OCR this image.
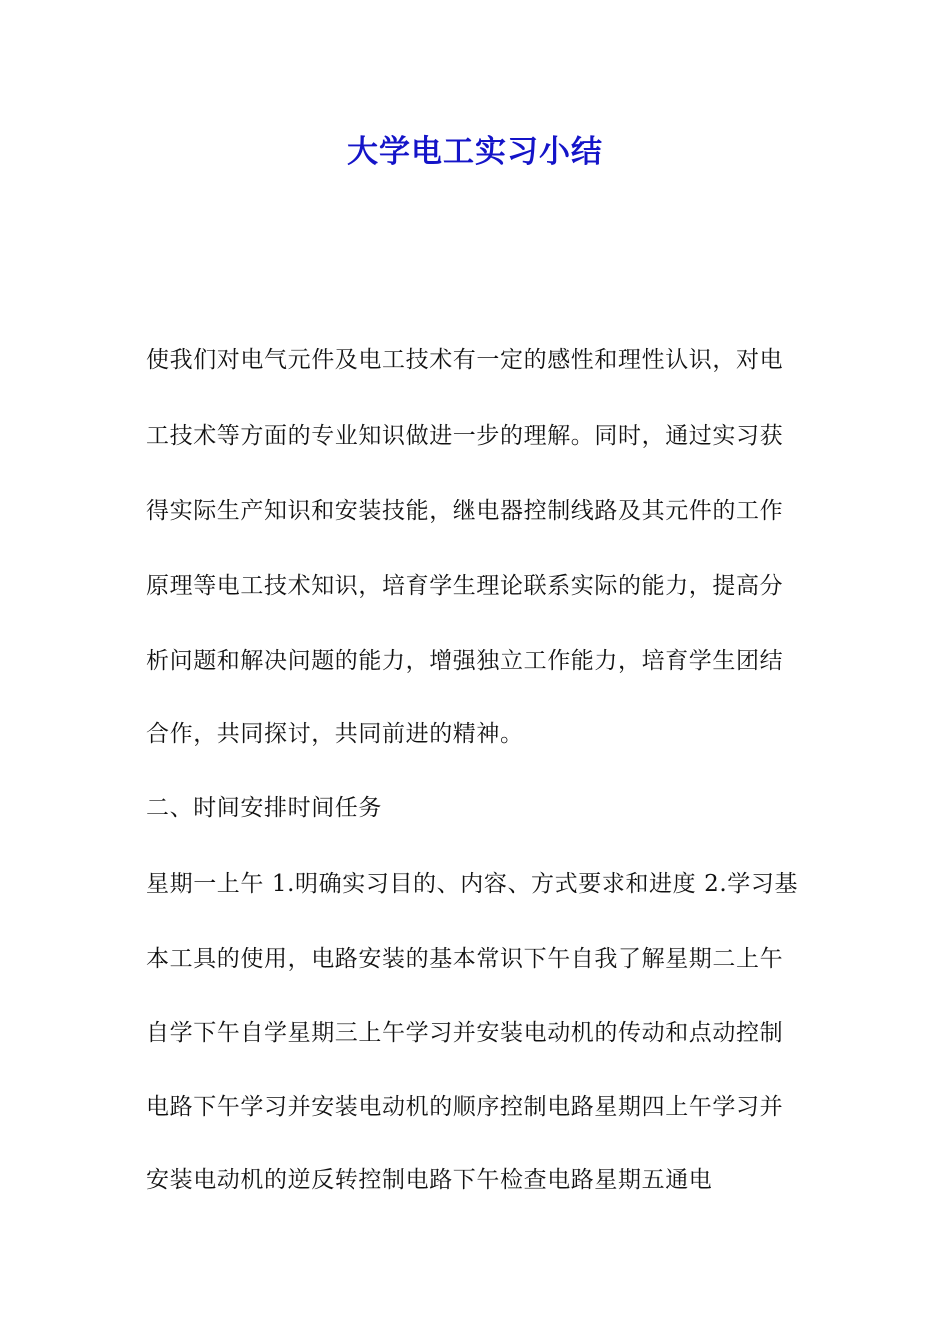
大学电工实习小结
使我们对电气元件及电工技术有一定的感性和理性认识，对电
工技术等方面的专业知识做进一步的理解。同时，通过实习获
得实际生产知识和安装技能，继电器控制线路及其元件的工作
原理等电工技术知识，培育学生理论联系实际的能力，提高分
析问题和解决问题的能力，增强独立工作能力，培育学生团结
合作，共同探讨，共同前进的精神。
二、时间安排时间任务
星期一上午 1.明确实习目的、内容、方式要求和进度 2.学习基
本工具的使用，电路安装的基本常识下午自我了解星期二上午
自学下午自学星期三上午学习并安装电动机的传动和点动控制
电路下午学习并安装电动机的顺序控制电路星期四上午学习并
安装电动机的逆反转控制电路下午检查电路星期五通电
